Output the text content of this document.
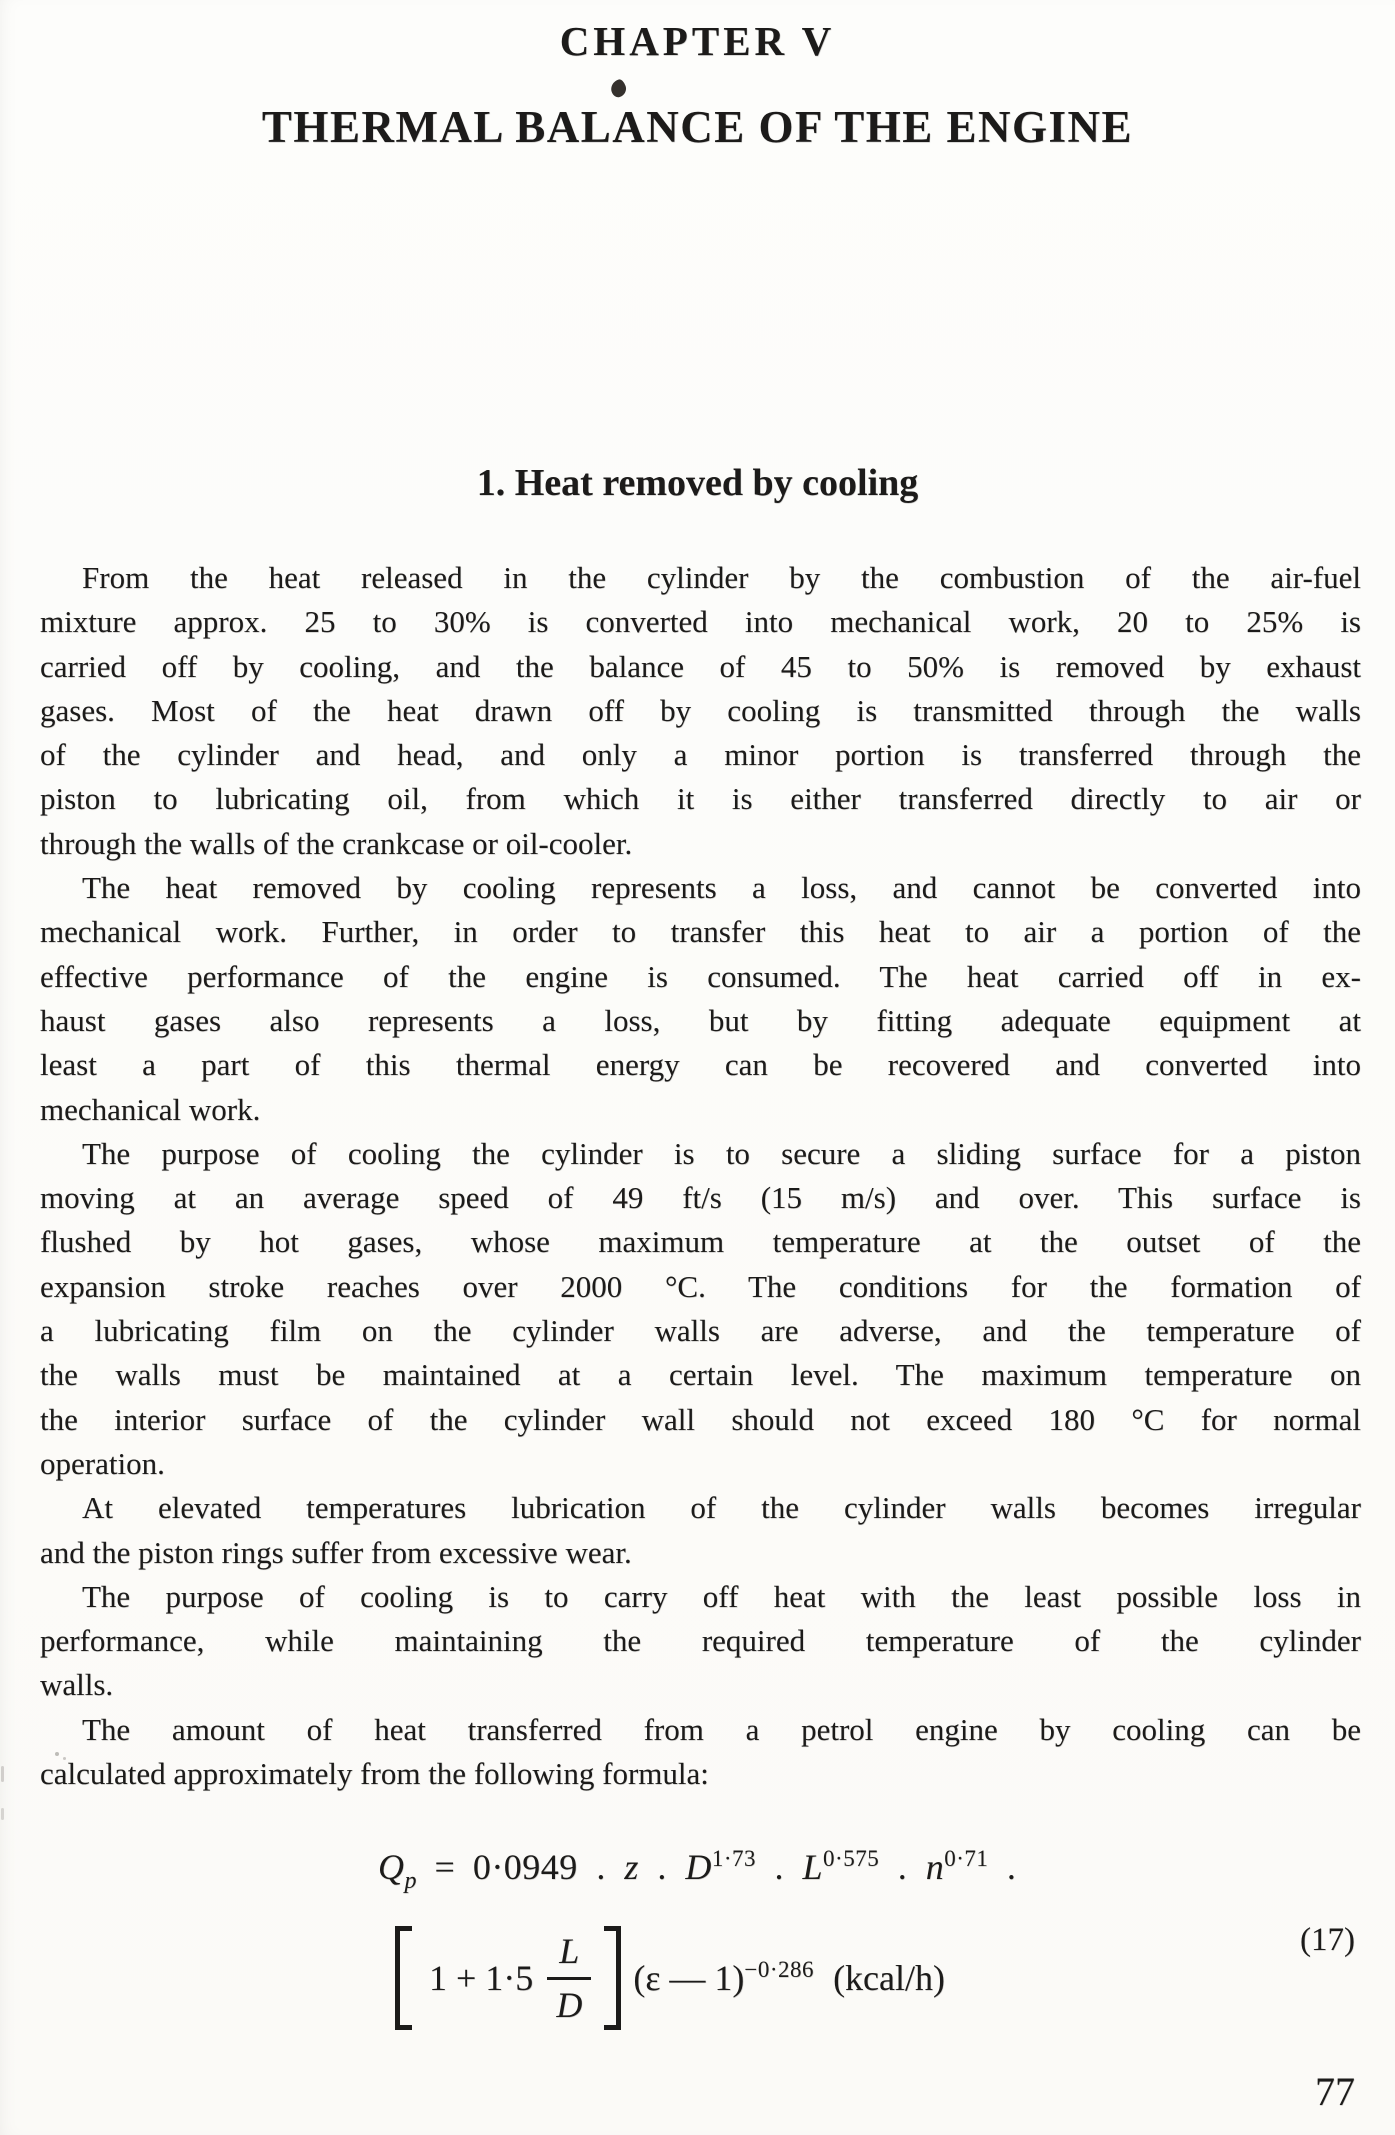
CHAPTER V
THERMAL BALANCE OF THE ENGINE
1. Heat removed by cooling
From the heat released in the cylinder by the combustion of the air-fuel
mixture approx. 25 to 30% is converted into mechanical work, 20 to 25% is
carried off by cooling, and the balance of 45 to 50% is removed by exhaust
gases. Most of the heat drawn off by cooling is transmitted through the walls
of the cylinder and head, and only a minor portion is transferred through the
piston to lubricating oil, from which it is either transferred directly to air or
through the walls of the crankcase or oil-cooler.
The heat removed by cooling represents a loss, and cannot be converted into
mechanical work. Further, in order to transfer this heat to air a portion of the
effective performance of the engine is consumed. The heat carried off in ex-
haust gases also represents a loss, but by fitting adequate equipment at
least a part of this thermal energy can be recovered and converted into
mechanical work.
The purpose of cooling the cylinder is to secure a sliding surface for a piston
moving at an average speed of 49 ft/s (15 m/s) and over. This surface is
flushed by hot gases, whose maximum temperature at the outset of the
expansion stroke reaches over 2000 °C. The conditions for the formation of
a lubricating film on the cylinder walls are adverse, and the temperature of
the walls must be maintained at a certain level. The maximum temperature on
the interior surface of the cylinder wall should not exceed 180 °C for normal
operation.
At elevated temperatures lubrication of the cylinder walls becomes irregular
and the piston rings suffer from excessive wear.
The purpose of cooling is to carry off heat with the least possible loss in
performance, while maintaining the required temperature of the cylinder
walls.
The amount of heat transferred from a petrol engine by cooling can be
calculated approximately from the following formula:
$Q_p = 0\cdot 0949$ . z . $D^{1\cdot 73}$ . $L^{0\cdot 575}$ . $n^{0\cdot 71}$ .
$1 + 1\cdot 5 \frac{L}{D} (\varepsilon$ — 1)$^{-0\cdot 286}$ (kcal/h)
(17)
77
